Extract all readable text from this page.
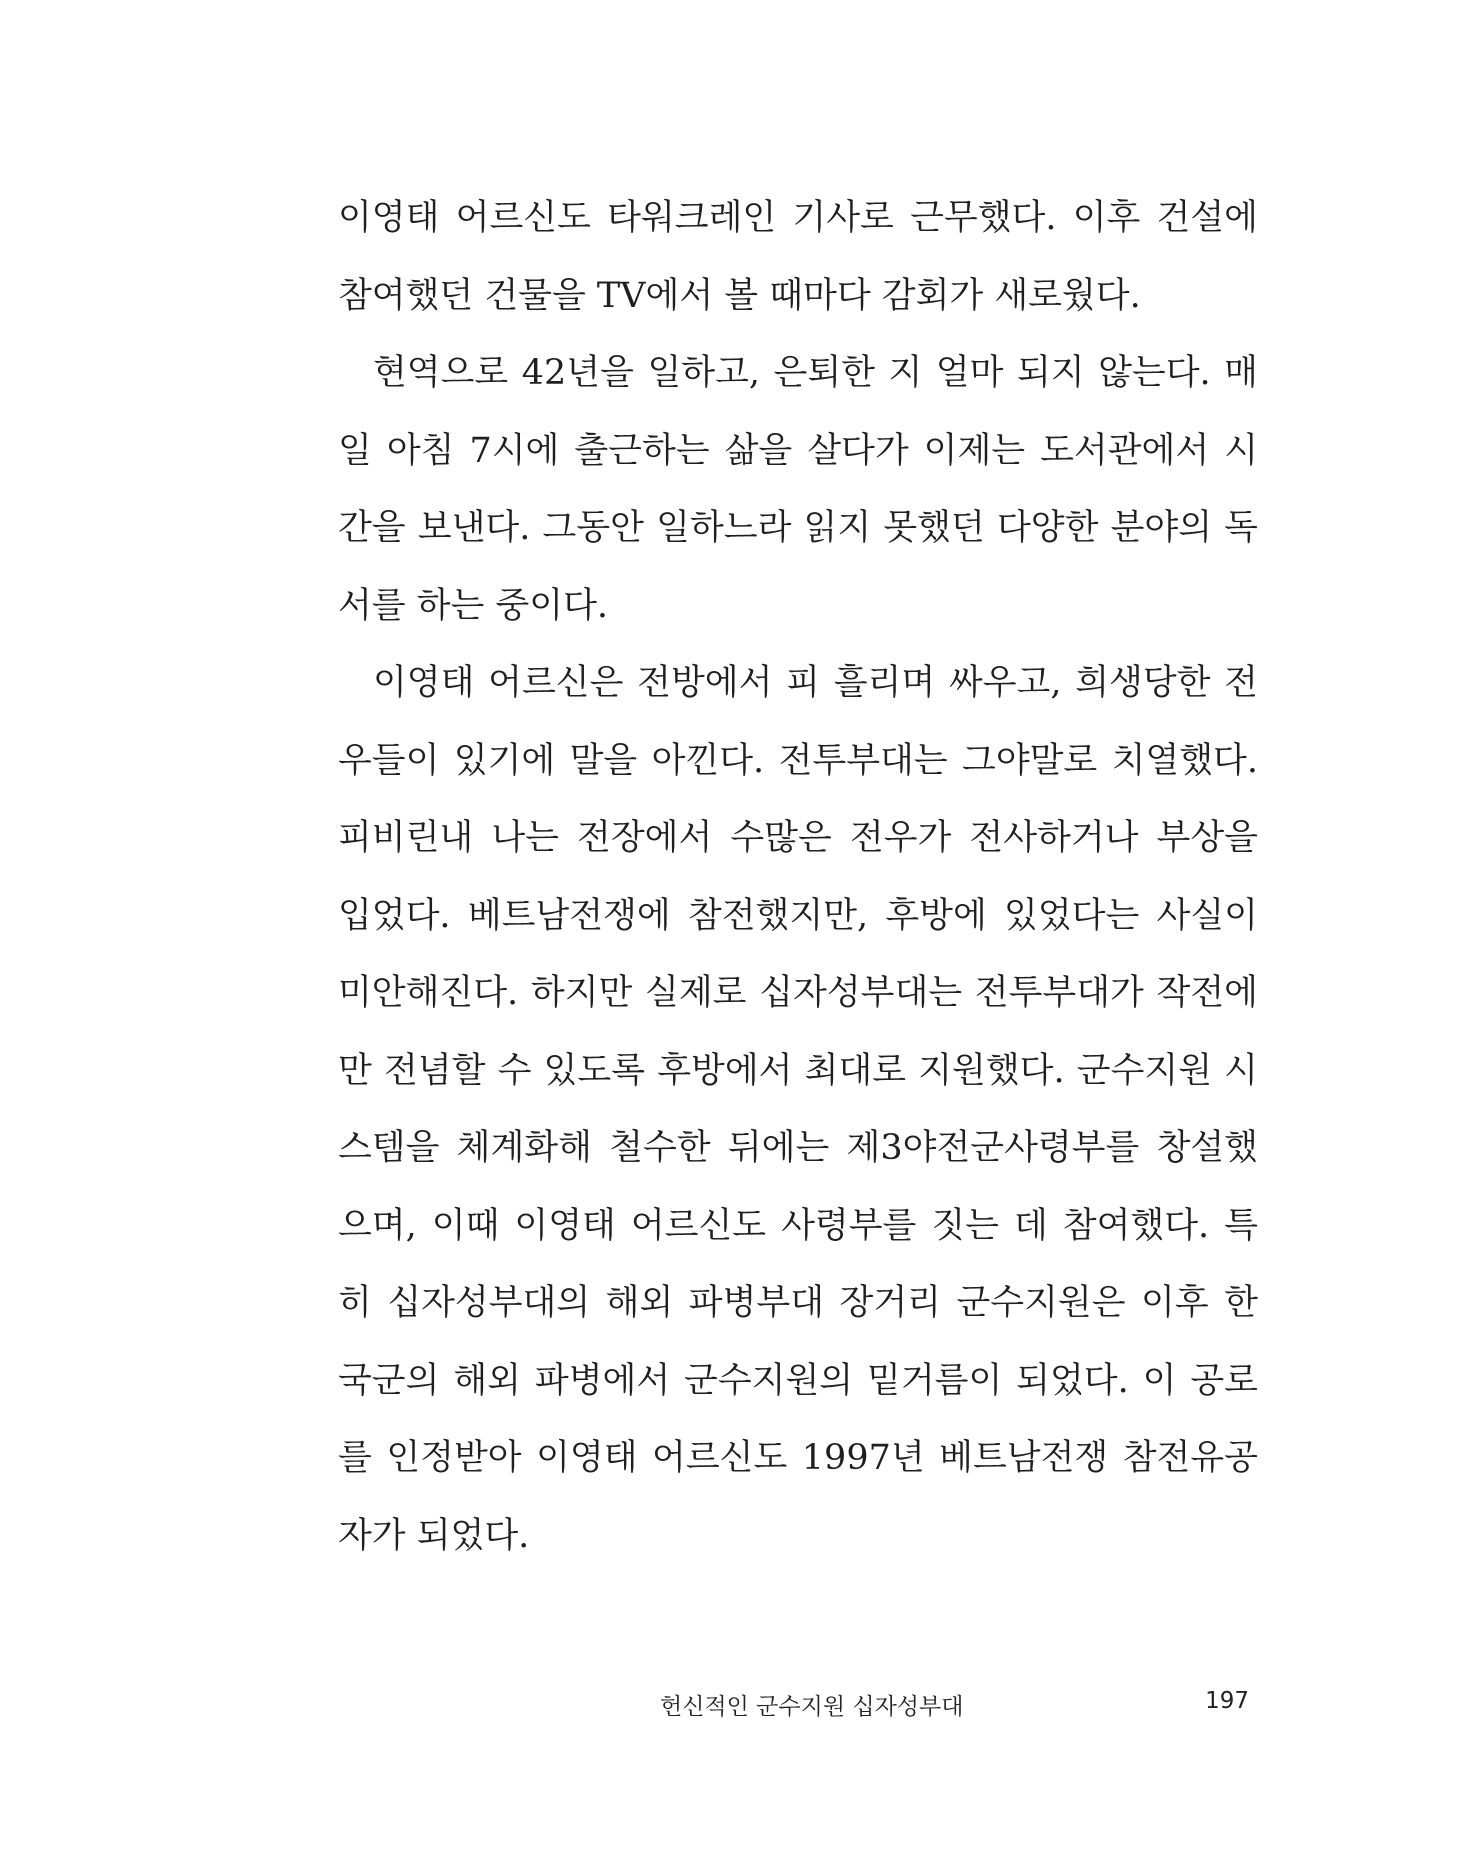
이영태 어르신도 타워크레인 기사로 근무했다. 이후 건설에 참여했던 건물을 TV에서 볼 때마다 감회가 새로웠다.

현역으로 42년을 일하고, 은퇴한 지 얼마 되지 않는다. 매일 아침 7시에 출근하는 삶을 살다가 이제는 도서관에서 시간을 보낸다. 그동안 일하느라 읽지 못했던 다양한 분야의 독서를 하는 중이다.

이영태 어르신은 전방에서 피 흘리며 싸우고, 희생당한 전우들이 있기에 말을 아낀다. 전투부대는 그야말로 치열했다. 피비린내 나는 전장에서 수많은 전우가 전사하거나 부상을 입었다. 베트남전쟁에 참전했지만, 후방에 있었다는 사실이 미안해진다. 하지만 실제로 십자성부대는 전투부대가 작전에만 전념할 수 있도록 후방에서 최대로 지원했다. 군수지원 시스템을 체계화해 철수한 뒤에는 제3야전군사령부를 창설했으며, 이때 이영태 어르신도 사령부를 짓는 데 참여했다. 특히 십자성부대의 해외 파병부대 장거리 군수지원은 이후 한국군의 해외 파병에서 군수지원의 밑거름이 되었다. 이 공로를 인정받아 이영태 어르신도 1997년 베트남전쟁 참전유공자가 되었다.

헌신적인 군수지원 십자성부대	197
